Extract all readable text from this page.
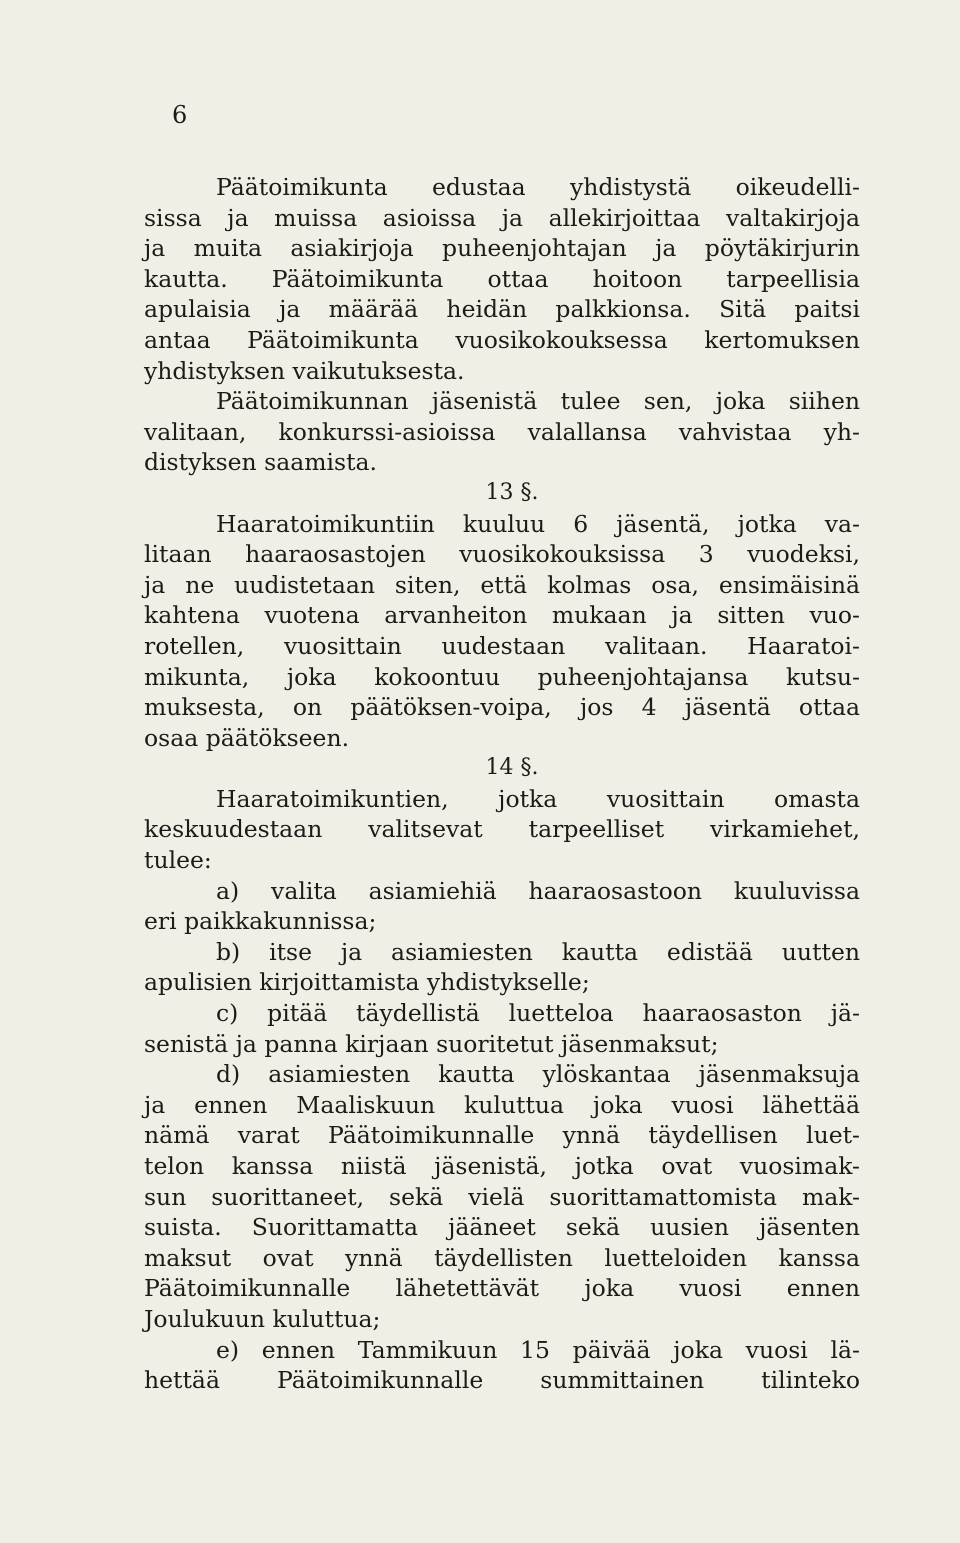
6
Päätoimikunta edustaa yhdistystä oikeudelli-
sissa ja muissa asioissa ja allekirjoittaa valtakirjoja
ja muita asiakirjoja puheenjohtajan ja pöytäkirjurin
kautta. Päätoimikunta ottaa hoitoon tarpeellisia
apulaisia ja määrää heidän palkkionsa. Sitä paitsi
antaa Päätoimikunta vuosikokouksessa kertomuksen
yhdistyksen vaikutuksesta.
Päätoimikunnan jäsenistä tulee sen, joka siihen
valitaan, konkurssi-asioissa valallansa vahvistaa yh-
distyksen saamista.
13 §.
Haaratoimikuntiin kuuluu 6 jäsentä, jotka va-
litaan haaraosastojen vuosikokouksissa 3 vuodeksi,
ja ne uudistetaan siten, että kolmas osa, ensimäisinä
kahtena vuotena arvanheiton mukaan ja sitten vuo-
rotellen, vuosittain uudestaan valitaan. Haaratoi-
mikunta, joka kokoontuu puheenjohtajansa kutsu-
muksesta, on päätöksen-voipa, jos 4 jäsentä ottaa
osaa päätökseen.
14 §.
Haaratoimikuntien, jotka vuosittain omasta
keskuudestaan valitsevat tarpeelliset virkamiehet,
tulee:
a) valita asiamiehiä haaraosastoon kuuluvissa
eri paikkakunnissa;
b) itse ja asiamiesten kautta edistää uutten
apulisien kirjoittamista yhdistykselle;
c) pitää täydellistä luetteloa haaraosaston jä-
senistä ja panna kirjaan suoritetut jäsenmaksut;
d) asiamiesten kautta ylöskantaa jäsenmaksuja
ja ennen Maaliskuun kuluttua joka vuosi lähettää
nämä varat Päätoimikunnalle ynnä täydellisen luet-
telon kanssa niistä jäsenistä, jotka ovat vuosimak-
sun suorittaneet, sekä vielä suorittamattomista mak-
suista. Suorittamatta jääneet sekä uusien jäsenten
maksut ovat ynnä täydellisten luetteloiden kanssa
Päätoimikunnalle lähetettävät joka vuosi ennen
Joulukuun kuluttua;
e) ennen Tammikuun 15 päivää joka vuosi lä-
hettää Päätoimikunnalle summittainen tilinteko
